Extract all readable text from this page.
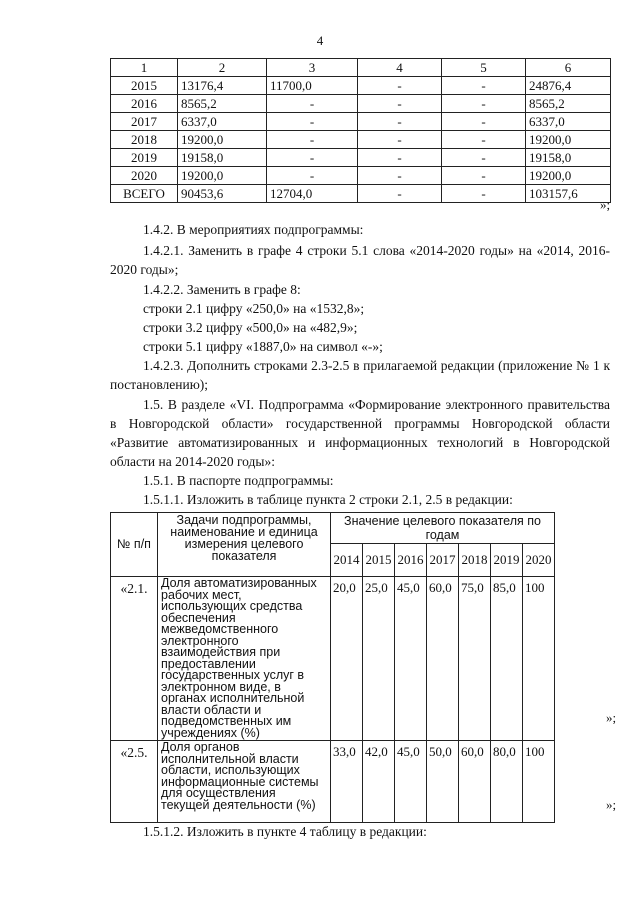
4
1	2	3	4	5	6
2015	13176,4	11700,0	-	-	24876,4
2016	8565,2	-	-	-	8565,2
2017	6337,0	-	-	-	6337,0
2018	19200,0	-	-	-	19200,0
2019	19158,0	-	-	-	19158,0
2020	19200,0	-	-	-	19200,0
ВСЕГО	90453,6	12704,0	-	-	103157,6
»;
1.4.2. В мероприятиях подпрограммы:
1.4.2.1. Заменить в графе 4 строки 5.1 слова «2014-2020 годы» на «2014, 2016-2020 годы»;
1.4.2.2. Заменить в графе 8:
строки 2.1 цифру «250,0» на «1532,8»;
строки 3.2 цифру «500,0» на «482,9»;
строки 5.1 цифру «1887,0» на символ «-»;
1.4.2.3. Дополнить строками 2.3-2.5 в прилагаемой редакции (приложение № 1 к постановлению);
1.5. В разделе «VI. Подпрограмма «Формирование электронного правительства в Новгородской области» государственной программы Новгородской области «Развитие автоматизированных и информационных технологий в Новгородской области на 2014-2020 годы»:
1.5.1. В паспорте подпрограммы:
1.5.1.1. Изложить в таблице пункта 2 строки 2.1, 2.5 в редакции:
№ п/п	Задачи подпрограммы, наименование и единица измерения целевого показателя	Значение целевого показателя по годам						
		2014	2015	2016	2017	2018	2019	2020
«2.1.	Доля автоматизированных рабочих мест, использующих средства обеспечения межведомственного электронного взаимодействия при предоставлении государственных услуг в электронном виде, в органах исполнительной власти области и подведомственных им учреждениях (%)	20,0	25,0	45,0	60,0	75,0	85,0	100
«2.5.	Доля органов исполнительной власти области, использующих информационные системы для осуществления текущей деятельности (%)	33,0	42,0	45,0	50,0	60,0	80,0	100
»;
»;
1.5.1.2. Изложить в пункте 4 таблицу в редакции:
